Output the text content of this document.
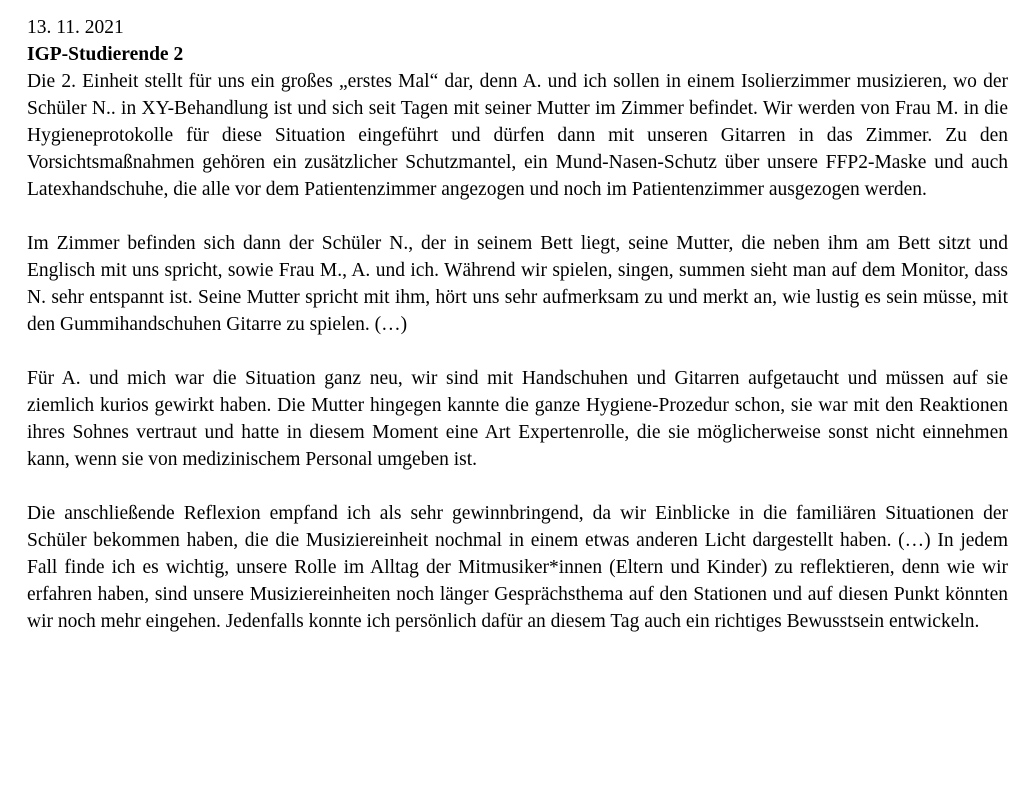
13. 11. 2021

IGP-Studierende 2

Die 2. Einheit stellt für uns ein großes „erstes Mal“ dar, denn A. und ich sollen in einem Isolierzimmer musizieren, wo der Schüler N.. in XY-Behandlung ist und sich seit Tagen mit seiner Mutter im Zimmer befindet. Wir werden von Frau M. in die Hygieneprotokolle für diese Situation eingeführt und dürfen dann mit unseren Gitarren in das Zimmer. Zu den Vorsichtsmaßnahmen gehören ein zusätzlicher Schutzmantel, ein Mund-Nasen-Schutz über unsere FFP2-Maske und auch Latexhandschuhe, die alle vor dem Patientenzimmer angezogen und noch im Patientenzimmer ausgezogen werden.

Im Zimmer befinden sich dann der Schüler N., der in seinem Bett liegt, seine Mutter, die neben ihm am Bett sitzt und Englisch mit uns spricht, sowie Frau M., A. und ich. Während wir spielen, singen, summen sieht man auf dem Monitor, dass N. sehr entspannt ist. Seine Mutter spricht mit ihm, hört uns sehr aufmerksam zu und merkt an, wie lustig es sein müsse, mit den Gummihandschuhen Gitarre zu spielen. (…)

Für A. und mich war die Situation ganz neu, wir sind mit Handschuhen und Gitarren aufgetaucht und müssen auf sie ziemlich kurios gewirkt haben. Die Mutter hingegen kannte die ganze Hygiene-Prozedur schon, sie war mit den Reaktionen ihres Sohnes vertraut und hatte in diesem Moment eine Art Expertenrolle, die sie möglicherweise sonst nicht einnehmen kann, wenn sie von medizinischem Personal umgeben ist.

Die anschließende Reflexion empfand ich als sehr gewinnbringend, da wir Einblicke in die familiären Situationen der Schüler bekommen haben, die die Musiziereinheit nochmal in einem etwas anderen Licht dargestellt haben. (…) In jedem Fall finde ich es wichtig, unsere Rolle im Alltag der Mitmusiker*innen (Eltern und Kinder) zu reflektieren, denn wie wir erfahren haben, sind unsere Musiziereinheiten noch länger Gesprächsthema auf den Stationen und auf diesen Punkt könnten wir noch mehr eingehen. Jedenfalls konnte ich persönlich dafür an diesem Tag auch ein richtiges Bewusstsein entwickeln.
